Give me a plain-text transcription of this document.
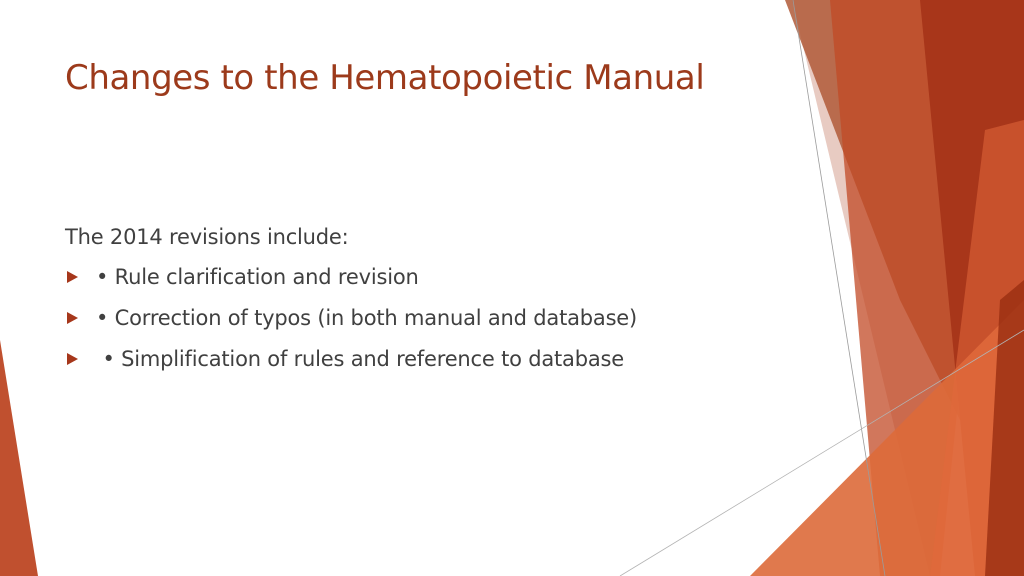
Changes to the Hematopoietic Manual

The 2014 revisions include:

• Rule clarification and revision
• Correction of typos (in both manual and database)
• Simplification of rules and reference to database
